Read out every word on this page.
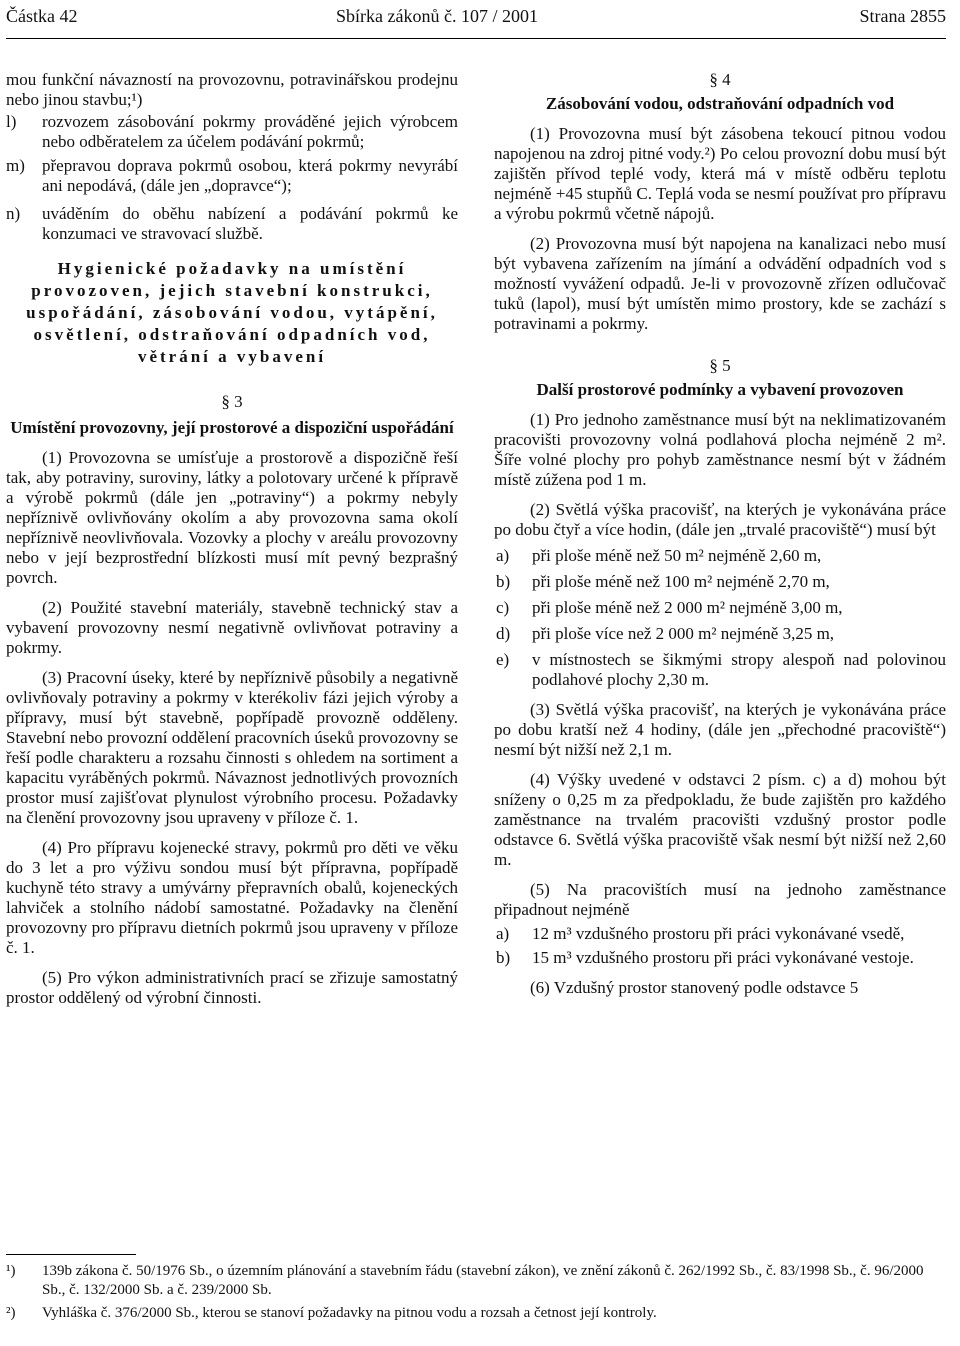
Částka 42	Sbírka zákonů č. 107 / 2001	Strana 2855

mou funkční návazností na provozovnu, potravinářskou prodejnu nebo jinou stavbu;¹)

l)	rozvozem zásobování pokrmy prováděné jejich výrobcem nebo odběratelem za účelem podávání pokrmů;
m)	přepravou doprava pokrmů osobou, která pokrmy nevyrábí ani nepodává, (dále jen „dopravce“);
n)	uváděním do oběhu nabízení a podávání pokrmů ke konzumaci ve stravovací službě.

Hygienické požadavky na umístění provozoven, jejich stavební konstrukci, uspořádání, zásobování vodou, vytápění, osvětlení, odstraňování odpadních vod, větrání a vybavení

§ 3

Umístění provozovny, její prostorové a dispoziční uspořádání

(1) Provozovna se umísťuje a prostorově a dispozičně řeší tak, aby potraviny, suroviny, látky a polotovary určené k přípravě a výrobě pokrmů (dále jen „potraviny“) a pokrmy nebyly nepříznivě ovlivňovány okolím a aby provozovna sama okolí nepříznivě neovlivňovala. Vozovky a plochy v areálu provozovny nebo v její bezprostřední blízkosti musí mít pevný bezprašný povrch.

(2) Použité stavební materiály, stavebně technický stav a vybavení provozovny nesmí negativně ovlivňovat potraviny a pokrmy.

(3) Pracovní úseky, které by nepříznivě působily a negativně ovlivňovaly potraviny a pokrmy v kterékoliv fázi jejich výroby a přípravy, musí být stavebně, popřípadě provozně odděleny. Stavební nebo provozní oddělení pracovních úseků provozovny se řeší podle charakteru a rozsahu činnosti s ohledem na sortiment a kapacitu vyráběných pokrmů. Návaznost jednotlivých provozních prostor musí zajišťovat plynulost výrobního procesu. Požadavky na členění provozovny jsou upraveny v příloze č. 1.

(4) Pro přípravu kojenecké stravy, pokrmů pro děti ve věku do 3 let a pro výživu sondou musí být přípravna, popřípadě kuchyně této stravy a umývárny přepravních obalů, kojeneckých lahviček a stolního nádobí samostatné. Požadavky na členění provozovny pro přípravu dietních pokrmů jsou upraveny v příloze č. 1.

(5) Pro výkon administrativních prací se zřizuje samostatný prostor oddělený od výrobní činnosti.

§ 4

Zásobování vodou, odstraňování odpadních vod

(1) Provozovna musí být zásobena tekoucí pitnou vodou napojenou na zdroj pitné vody.²) Po celou provozní dobu musí být zajištěn přívod teplé vody, která má v místě odběru teplotu nejméně +45 stupňů C. Teplá voda se nesmí používat pro přípravu a výrobu pokrmů včetně nápojů.

(2) Provozovna musí být napojena na kanalizaci nebo musí být vybavena zařízením na jímání a odvádění odpadních vod s možností vyvážení odpadů. Je-li v provozovně zřízen odlučovač tuků (lapol), musí být umístěn mimo prostory, kde se zachází s potravinami a pokrmy.

§ 5

Další prostorové podmínky a vybavení provozoven

(1) Pro jednoho zaměstnance musí být na neklimatizovaném pracovišti provozovny volná podlahová plocha nejméně 2 m². Šíře volné plochy pro pohyb zaměstnance nesmí být v žádném místě zúžena pod 1 m.

(2) Světlá výška pracovišť, na kterých je vykonávána práce po dobu čtyř a více hodin, (dále jen „trvalé pracoviště“) musí být

a)	při ploše méně než 50 m² nejméně 2,60 m,
b)	při ploše méně než 100 m² nejméně 2,70 m,
c)	při ploše méně než 2 000 m² nejméně 3,00 m,
d)	při ploše více než 2 000 m² nejméně 3,25 m,
e)	v místnostech se šikmými stropy alespoň nad polovinou podlahové plochy 2,30 m.

(3) Světlá výška pracovišť, na kterých je vykonávána práce po dobu kratší než 4 hodiny, (dále jen „přechodné pracoviště“) nesmí být nižší než 2,1 m.

(4) Výšky uvedené v odstavci 2 písm. c) a d) mohou být sníženy o 0,25 m za předpokladu, že bude zajištěn pro každého zaměstnance na trvalém pracovišti vzdušný prostor podle odstavce 6. Světlá výška pracoviště však nesmí být nižší než 2,60 m.

(5) Na pracovištích musí na jednoho zaměstnance připadnout nejméně

a)	12 m³ vzdušného prostoru při práci vykonávané vsedě,
b)	15 m³ vzdušného prostoru při práci vykonávané vestoje.

(6) Vzdušný prostor stanovený podle odstavce 5

¹)	139b zákona č. 50/1976 Sb., o územním plánování a stavebním řádu (stavební zákon), ve znění zákonů č. 262/1992 Sb., č. 83/1998 Sb., č. 96/2000 Sb., č. 132/2000 Sb. a č. 239/2000 Sb.
²)	Vyhláška č. 376/2000 Sb., kterou se stanoví požadavky na pitnou vodu a rozsah a četnost její kontroly.
